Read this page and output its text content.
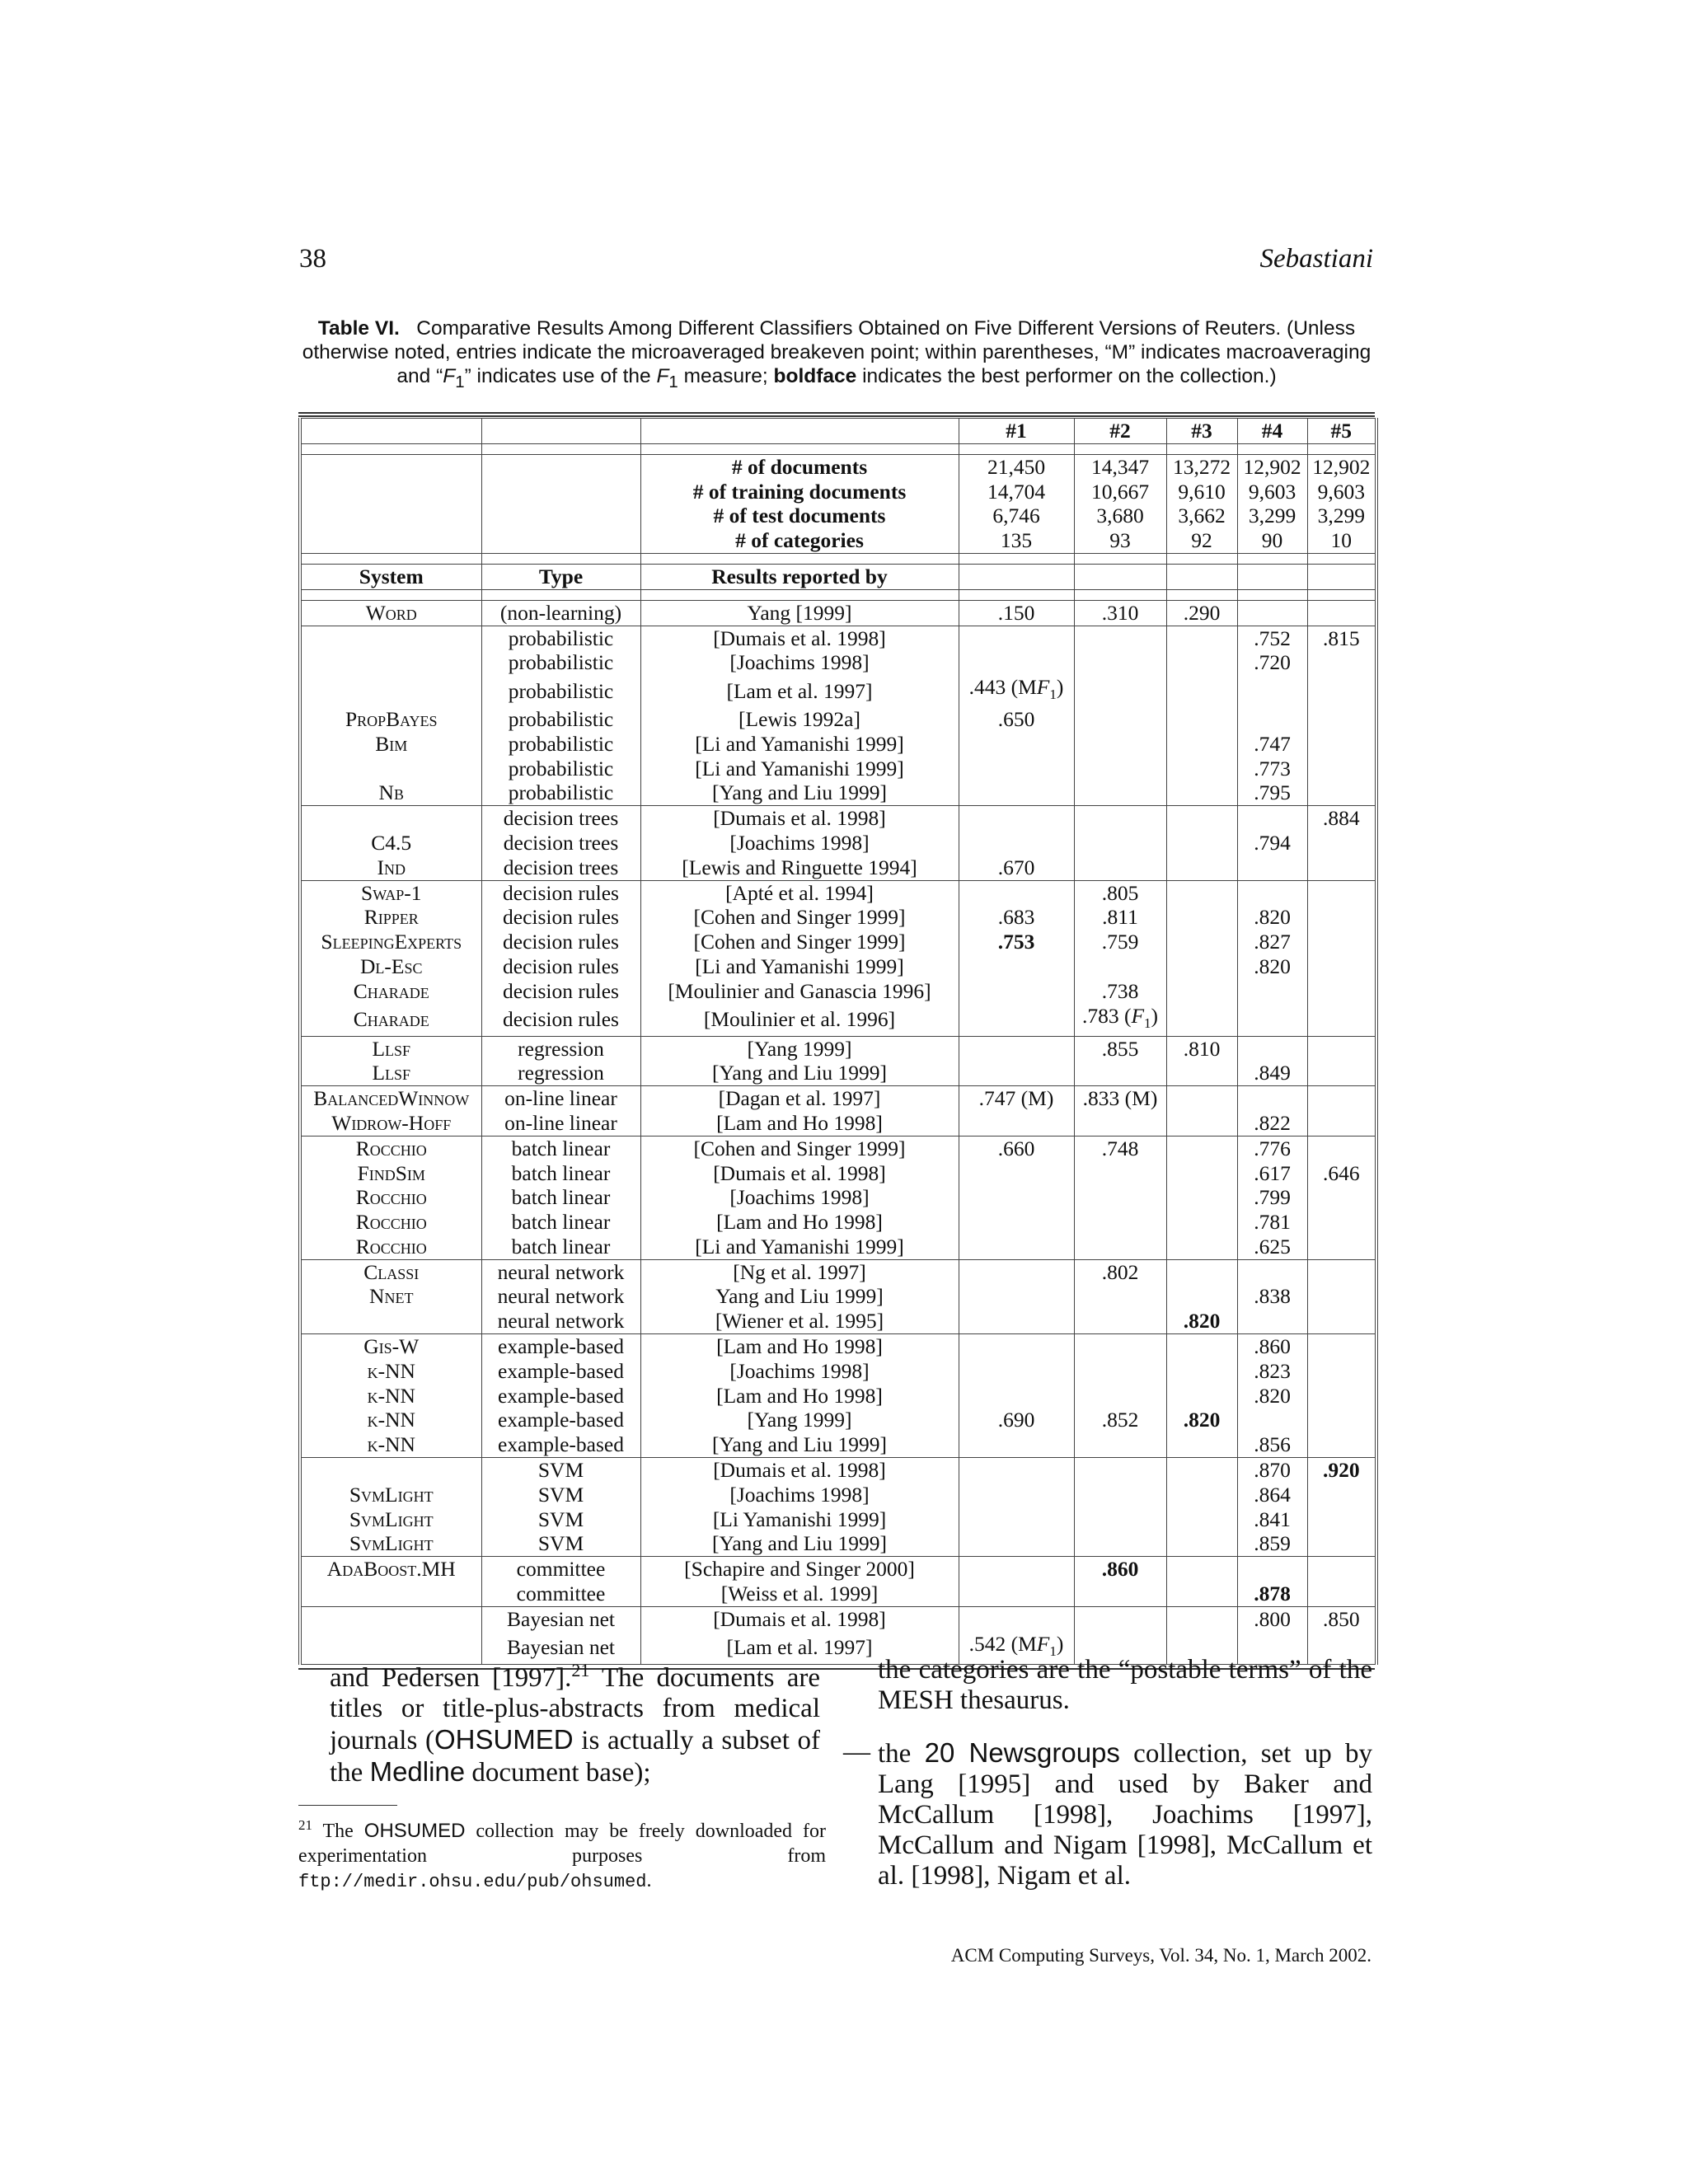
38	Sebastiani
Table VI. Comparative Results Among Different Classifiers Obtained on Five Different Versions of Reuters. (Unless otherwise noted, entries indicate the microaveraged breakeven point; within parentheses, “M” indicates macroaveraging and “$F_1$” indicates use of the $F_1$ measure; boldface indicates the best performer on the collection.)
			#1	#2	#3	#4	#5

		# of documents	21,450	14,347	13,272	12,902	12,902
		# of training documents	14,704	10,667	9,610	9,603	9,603
		# of test documents	6,746	3,680	3,662	3,299	3,299
		# of categories	135	93	92	90	10

System	Type	Results reported by					

Word	(non-learning)	Yang [1999]	.150	.310	.290		
	probabilistic	[Dumais et al. 1998]				.752	.815
	probabilistic	[Joachims 1998]				.720	
	probabilistic	[Lam et al. 1997]	.443 $(MF_1)$				
PropBayes	probabilistic	[Lewis 1992a]	.650				
Bim	probabilistic	[Li and Yamanishi 1999]				.747	
	probabilistic	[Li and Yamanishi 1999]				.773	
Nb	probabilistic	[Yang and Liu 1999]				.795	
	decision trees	[Dumais et al. 1998]					.884
C4.5	decision trees	[Joachims 1998]				.794	
Ind	decision trees	[Lewis and Ringuette 1994]	.670				
Swap-1	decision rules	[Apté et al. 1994]		.805			
Ripper	decision rules	[Cohen and Singer 1999]	.683	.811		.820	
SleepingExperts	decision rules	[Cohen and Singer 1999]	.753	.759		.827	
Dl-Esc	decision rules	[Li and Yamanishi 1999]				.820	
Charade	decision rules	[Moulinier and Ganascia 1996]		.738			
Charade	decision rules	[Moulinier et al. 1996]		.783 $(F_1)$			
Llsf	regression	[Yang 1999]		.855	.810		
Llsf	regression	[Yang and Liu 1999]				.849	
BalancedWinnow	on-line linear	[Dagan et al. 1997]	.747 (M)	.833 (M)			
Widrow-Hoff	on-line linear	[Lam and Ho 1998]				.822	
Rocchio	batch linear	[Cohen and Singer 1999]	.660	.748		.776	
FindSim	batch linear	[Dumais et al. 1998]				.617	.646
Rocchio	batch linear	[Joachims 1998]				.799	
Rocchio	batch linear	[Lam and Ho 1998]				.781	
Rocchio	batch linear	[Li and Yamanishi 1999]				.625	
Classi	neural network	[Ng et al. 1997]		.802			
Nnet	neural network	Yang and Liu 1999]				.838	
	neural network	[Wiener et al. 1995]			.820		
Gis-W	example-based	[Lam and Ho 1998]				.860	
k-NN	example-based	[Joachims 1998]				.823	
k-NN	example-based	[Lam and Ho 1998]				.820	
k-NN	example-based	[Yang 1999]	.690	.852	.820		
k-NN	example-based	[Yang and Liu 1999]				.856	
	SVM	[Dumais et al. 1998]				.870	.920
SvmLight	SVM	[Joachims 1998]				.864	
SvmLight	SVM	[Li Yamanishi 1999]				.841	
SvmLight	SVM	[Yang and Liu 1999]				.859	
AdaBoost.MH	committee	[Schapire and Singer 2000]		.860			
	committee	[Weiss et al. 1999]				.878	
	Bayesian net	[Dumais et al. 1998]				.800	.850
	Bayesian net	[Lam et al. 1997]	.542 $(MF_1)$				
and Pedersen [1997].$^{21}$ The documents are titles or title-plus-abstracts from medical journals (OHSUMED is actually a subset of the Medline document base);
the categories are the “postable terms” of the MESH thesaurus.
— the 20 Newsgroups collection, set up by Lang [1995] and used by Baker and McCallum [1998], Joachims [1997], McCallum and Nigam [1998], McCallum et al. [1998], Nigam et al.
$^{21}$ The OHSUMED collection may be freely downloaded for experimentation purposes from ftp://medir.ohsu.edu/pub/ohsumed.
ACM Computing Surveys, Vol. 34, No. 1, March 2002.
